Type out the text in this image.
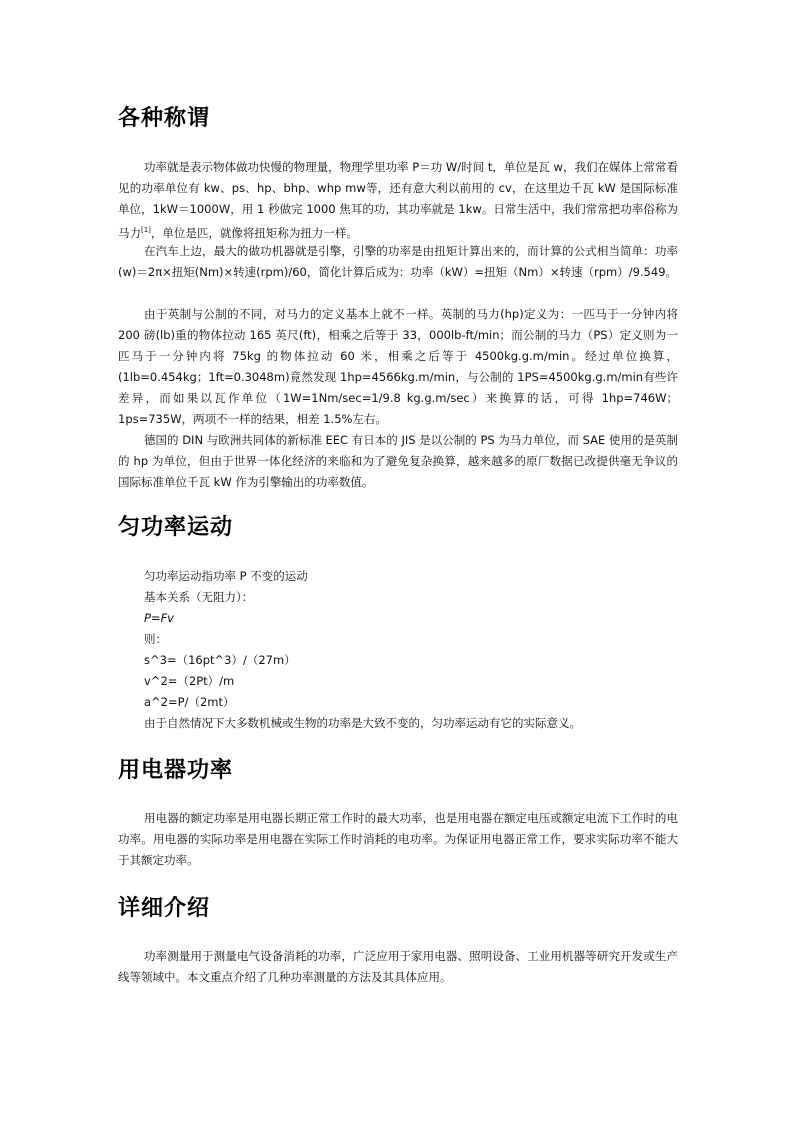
各种称谓

功率就是表示物体做功快慢的物理量，物理学里功率 P＝功 W/时间 t，单位是瓦 w，我们在媒体上常常看见的功率单位有 kw、ps、hp、bhp、whp mw等，还有意大利以前用的 cv，在这里边千瓦 kW 是国际标准单位，1kW＝1000W，用 1 秒做完 1000 焦耳的功，其功率就是 1kw。日常生活中，我们常常把功率俗称为马力[1]，单位是匹，就像将扭矩称为扭力一样。

在汽车上边，最大的做功机器就是引擎，引擎的功率是由扭矩计算出来的，而计算的公式相当简单：功率(w)＝2π×扭矩(Nm)×转速(rpm)/60，简化计算后成为：功率（kW）=扭矩（Nm）×转速（rpm）/9.549。

由于英制与公制的不同，对马力的定义基本上就不一样。英制的马力(hp)定义为：一匹马于一分钟内将 200 磅(lb)重的物体拉动 165 英尺(ft)，相乘之后等于 33，000lb-ft/min；而公制的马力（PS）定义则为一匹马于一分钟内将 75kg 的物体拉动 60 米，相乘之后等于 4500kg.g.m/min。经过单位换算，(1lb=0.454kg；1ft=0.3048m)竟然发现 1hp=4566kg.m/min，与公制的 1PS=4500kg.g.m/min有些许差异，而如果以瓦作单位（1W=1Nm/sec=1/9.8 kg.g.m/sec）来换算的话，可得 1hp=746W；1ps=735W，两项不一样的结果，相差 1.5%左右。

德国的 DIN 与欧洲共同体的新标准 EEC 有日本的 JIS 是以公制的 PS 为马力单位，而 SAE 使用的是英制的 hp 为单位，但由于世界一体化经济的来临和为了避免复杂换算，越来越多的原厂数据已改提供毫无争议的国际标准单位千瓦 kW 作为引擎输出的功率数值。

匀功率运动

匀功率运动指功率 P 不变的运动

基本关系（无阻力）：

P=Fv

则：

s^3=（16pt^3）/（27m）

v^2=（2Pt）/m

a^2=P/（2mt）

由于自然情况下大多数机械或生物的功率是大致不变的，匀功率运动有它的实际意义。

用电器功率

用电器的额定功率是用电器长期正常工作时的最大功率，也是用电器在额定电压或额定电流下工作时的电功率。用电器的实际功率是用电器在实际工作时消耗的电功率。为保证用电器正常工作，要求实际功率不能大于其额定功率。

详细介绍

功率测量用于测量电气设备消耗的功率，广泛应用于家用电器、照明设备、工业用机器等研究开发或生产线等领域中。本文重点介绍了几种功率测量的方法及其具体应用。
